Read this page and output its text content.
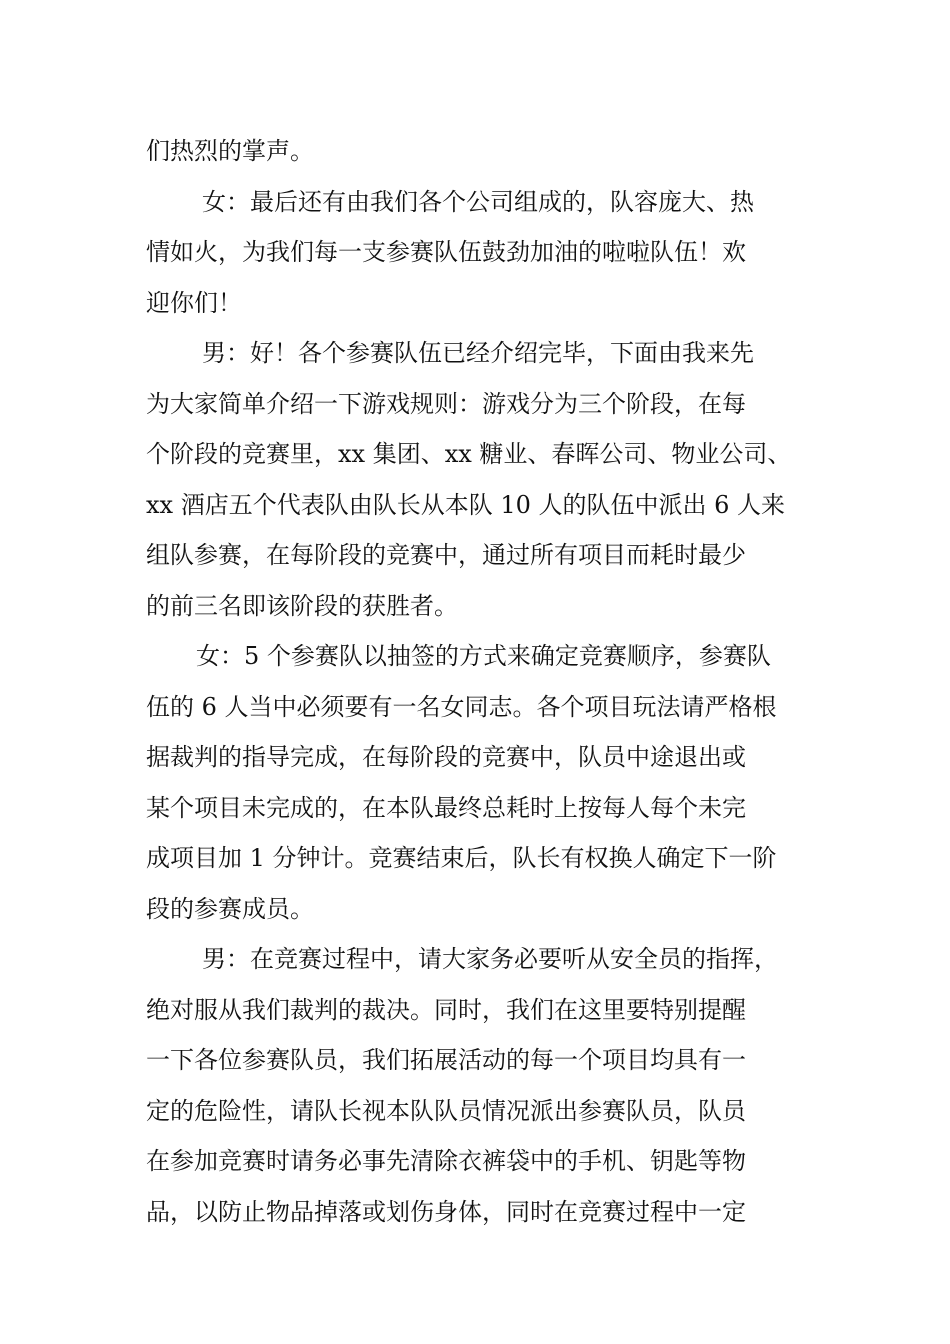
们热烈的掌声。
女：最后还有由我们各个公司组成的，队容庞大、热
情如火，为我们每一支参赛队伍鼓劲加油的啦啦队伍！欢
迎你们！
男：好！各个参赛队伍已经介绍完毕，下面由我来先
为大家简单介绍一下游戏规则：游戏分为三个阶段，在每
个阶段的竞赛里，xx 集团、xx 糖业、春晖公司、物业公司、
xx 酒店五个代表队由队长从本队 10 人的队伍中派出 6 人来
组队参赛，在每阶段的竞赛中，通过所有项目而耗时最少
的前三名即该阶段的获胜者。
女：5 个参赛队以抽签的方式来确定竞赛顺序，参赛队
伍的 6 人当中必须要有一名女同志。各个项目玩法请严格根
据裁判的指导完成，在每阶段的竞赛中，队员中途退出或
某个项目未完成的，在本队最终总耗时上按每人每个未完
成项目加 1 分钟计。竞赛结束后，队长有权换人确定下一阶
段的参赛成员。
男：在竞赛过程中，请大家务必要听从安全员的指挥，
绝对服从我们裁判的裁决。同时，我们在这里要特别提醒
一下各位参赛队员，我们拓展活动的每一个项目均具有一
定的危险性，请队长视本队队员情况派出参赛队员，队员
在参加竞赛时请务必事先清除衣裤袋中的手机、钥匙等物
品，以防止物品掉落或划伤身体，同时在竞赛过程中一定
